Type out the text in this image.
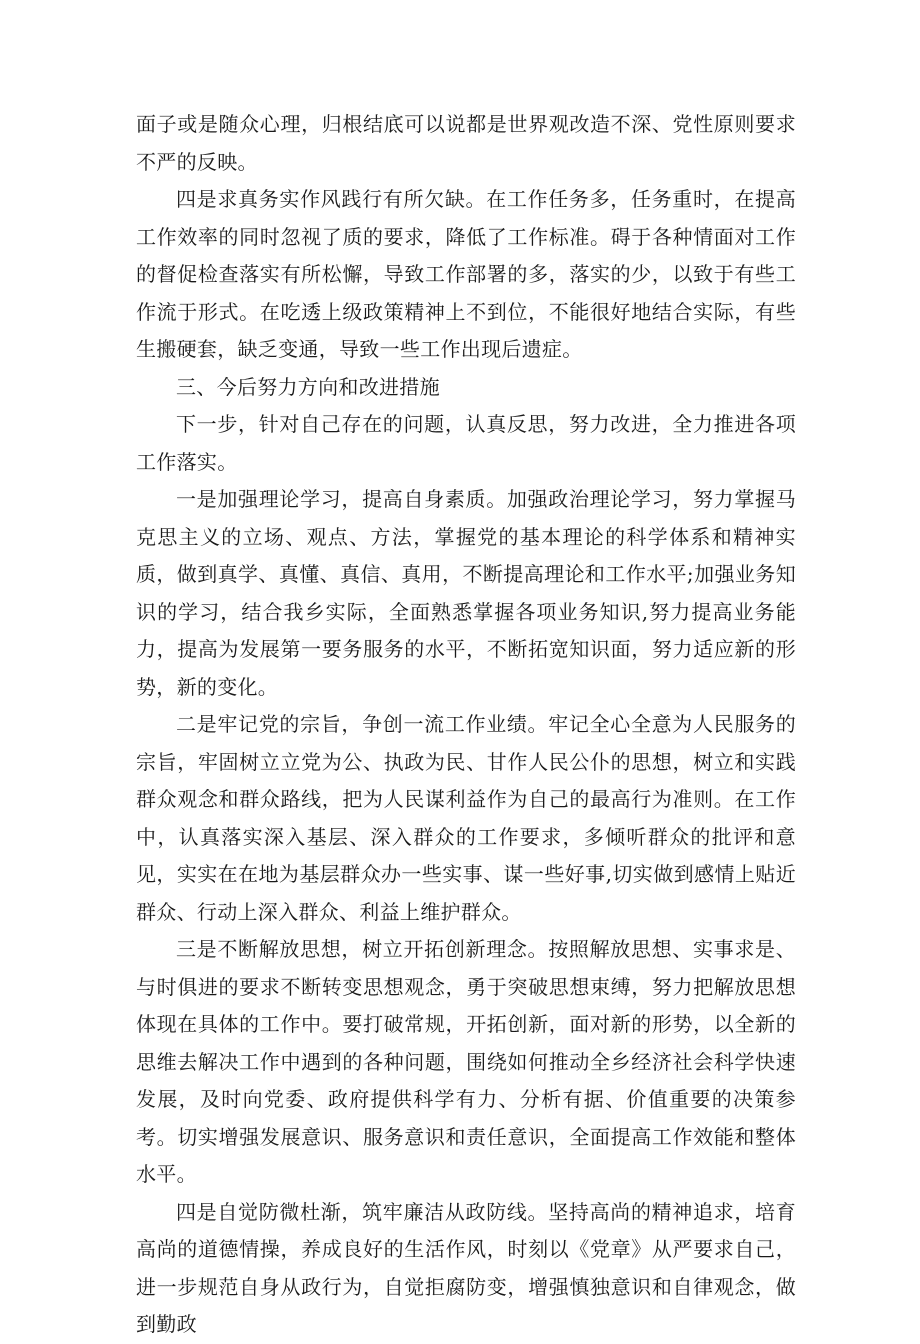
面子或是随众心理，归根结底可以说都是世界观改造不深、党性原则要求不严的反映。

四是求真务实作风践行有所欠缺。在工作任务多，任务重时，在提高工作效率的同时忽视了质的要求，降低了工作标准。碍于各种情面对工作的督促检查落实有所松懈，导致工作部署的多，落实的少，以致于有些工作流于形式。在吃透上级政策精神上不到位，不能很好地结合实际，有些生搬硬套，缺乏变通，导致一些工作出现后遗症。

三、今后努力方向和改进措施

下一步，针对自己存在的问题，认真反思，努力改进，全力推进各项工作落实。

一是加强理论学习，提高自身素质。加强政治理论学习，努力掌握马克思主义的立场、观点、方法，掌握党的基本理论的科学体系和精神实质，做到真学、真懂、真信、真用，不断提高理论和工作水平;加强业务知识的学习，结合我乡实际，全面熟悉掌握各项业务知识,努力提高业务能力，提高为发展第一要务服务的水平，不断拓宽知识面，努力适应新的形势，新的变化。

二是牢记党的宗旨，争创一流工作业绩。牢记全心全意为人民服务的宗旨，牢固树立立党为公、执政为民、甘作人民公仆的思想，树立和实践群众观念和群众路线，把为人民谋利益作为自己的最高行为准则。在工作中，认真落实深入基层、深入群众的工作要求，多倾听群众的批评和意见，实实在在地为基层群众办一些实事、谋一些好事,切实做到感情上贴近群众、行动上深入群众、利益上维护群众。

三是不断解放思想，树立开拓创新理念。按照解放思想、实事求是、与时俱进的要求不断转变思想观念，勇于突破思想束缚，努力把解放思想体现在具体的工作中。要打破常规，开拓创新，面对新的形势，以全新的思维去解决工作中遇到的各种问题，围绕如何推动全乡经济社会科学快速发展，及时向党委、政府提供科学有力、分析有据、价值重要的决策参考。切实增强发展意识、服务意识和责任意识，全面提高工作效能和整体水平。

四是自觉防微杜渐，筑牢廉洁从政防线。坚持高尚的精神追求，培育高尚的道德情操，养成良好的生活作风，时刻以《党章》从严要求自己，进一步规范自身从政行为，自觉拒腐防变，增强慎独意识和自律观念，做到勤政
